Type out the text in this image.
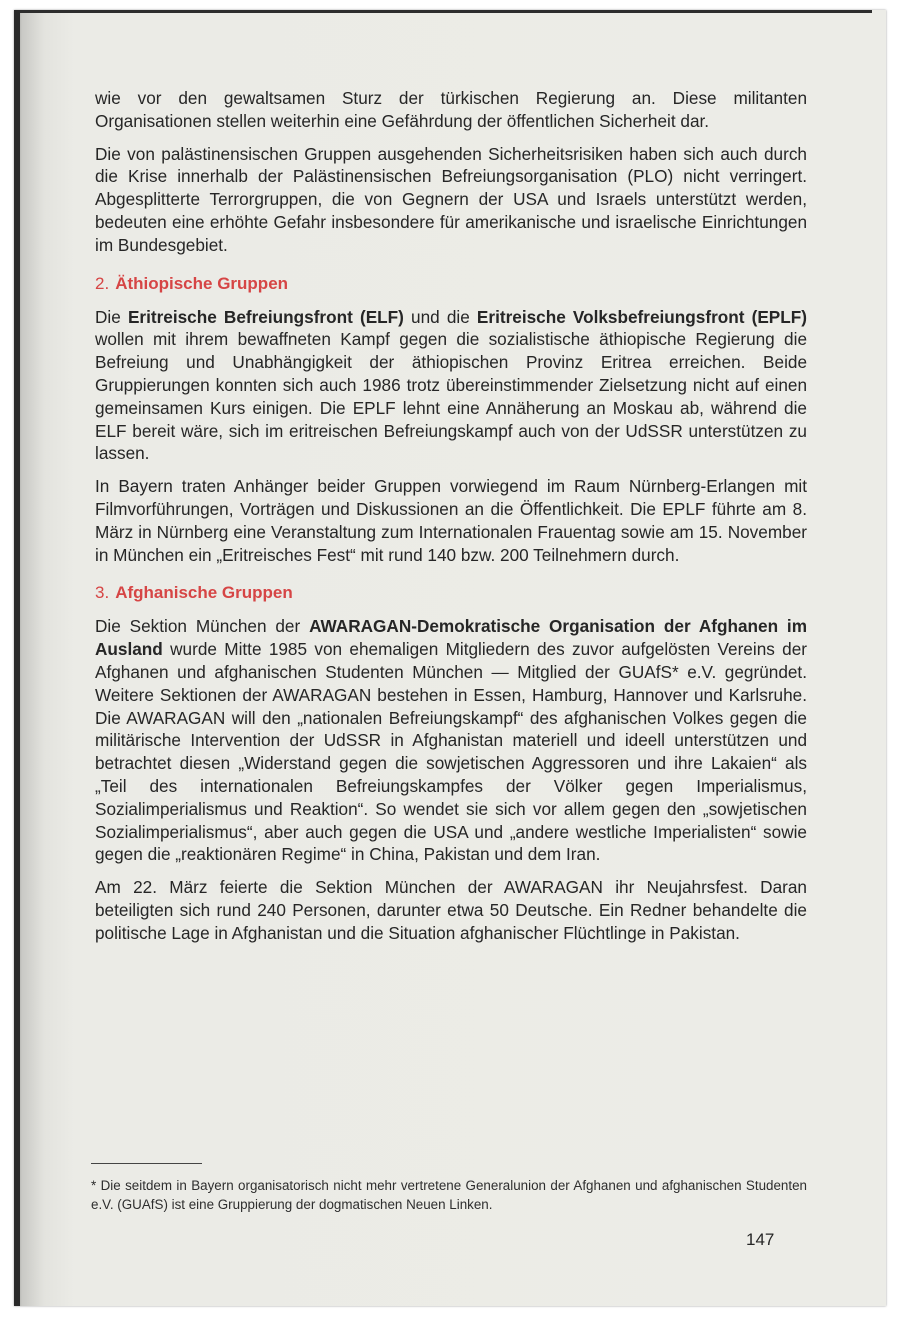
wie vor den gewaltsamen Sturz der türkischen Regierung an. Diese militanten Organisationen stellen weiterhin eine Gefährdung der öffentlichen Sicherheit dar.

Die von palästinensischen Gruppen ausgehenden Sicherheitsrisiken haben sich auch durch die Krise innerhalb der Palästinensischen Befreiungsorganisation (PLO) nicht verringert. Abgesplitterte Terrorgruppen, die von Gegnern der USA und Israels unterstützt werden, bedeuten eine erhöhte Gefahr insbesondere für amerikanische und israelische Einrichtungen im Bundesgebiet.

2. Äthiopische Gruppen

Die Eritreische Befreiungsfront (ELF) und die Eritreische Volksbefreiungsfront (EPLF) wollen mit ihrem bewaffneten Kampf gegen die sozialistische äthiopische Regierung die Befreiung und Unabhängigkeit der äthiopischen Provinz Eritrea erreichen. Beide Gruppierungen konnten sich auch 1986 trotz übereinstimmender Zielsetzung nicht auf einen gemeinsamen Kurs einigen. Die EPLF lehnt eine Annäherung an Moskau ab, während die ELF bereit wäre, sich im eritreischen Befreiungskampf auch von der UdSSR unterstützen zu lassen.

In Bayern traten Anhänger beider Gruppen vorwiegend im Raum Nürnberg-Erlangen mit Filmvorführungen, Vorträgen und Diskussionen an die Öffentlichkeit. Die EPLF führte am 8. März in Nürnberg eine Veranstaltung zum Internationalen Frauentag sowie am 15. November in München ein „Eritreisches Fest“ mit rund 140 bzw. 200 Teilnehmern durch.

3. Afghanische Gruppen

Die Sektion München der AWARAGAN-Demokratische Organisation der Afghanen im Ausland wurde Mitte 1985 von ehemaligen Mitgliedern des zuvor aufgelösten Vereins der Afghanen und afghanischen Studenten München — Mitglied der GUAfS* e.V. gegründet. Weitere Sektionen der AWARAGAN bestehen in Essen, Hamburg, Hannover und Karlsruhe. Die AWARAGAN will den „nationalen Befreiungskampf“ des afghanischen Volkes gegen die militärische Intervention der UdSSR in Afghanistan materiell und ideell unterstützen und betrachtet diesen „Widerstand gegen die sowjetischen Aggressoren und ihre Lakaien“ als „Teil des internationalen Befreiungskampfes der Völker gegen Imperialismus, Sozialimperialismus und Reaktion“. So wendet sie sich vor allem gegen den „sowjetischen Sozialimperialismus“, aber auch gegen die USA und „andere westliche Imperialisten“ sowie gegen die „reaktionären Regime“ in China, Pakistan und dem Iran.

Am 22. März feierte die Sektion München der AWARAGAN ihr Neujahrsfest. Daran beteiligten sich rund 240 Personen, darunter etwa 50 Deutsche. Ein Redner behandelte die politische Lage in Afghanistan und die Situation afghanischer Flüchtlinge in Pakistan.

* Die seitdem in Bayern organisatorisch nicht mehr vertretene Generalunion der Afghanen und afghanischen Studenten e.V. (GUAfS) ist eine Gruppierung der dogmatischen Neuen Linken.
147
